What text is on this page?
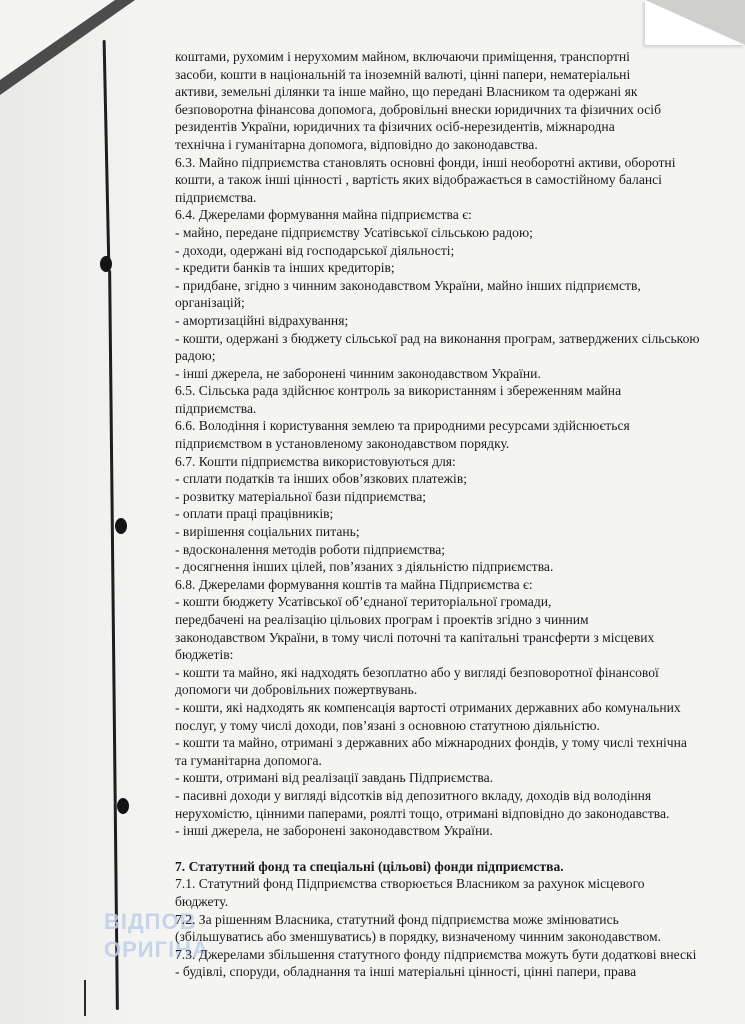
ВІДПОВ
ОРИГІНА

коштами, рухомим і нерухомим майном, включаючи приміщення, транспортні

засоби, кошти в національній та іноземній валюті, цінні папери, нематеріальні

активи, земельні ділянки та інше майно, що передані Власником та одержані як

безповоротна фінансова допомога, добровільні внески юридичних та фізичних осіб

резидентів України, юридичних та фізичних осіб-нерезидентів, міжнародна

технічна і гуманітарна допомога, відповідно до законодавства.

6.3. Майно підприємства становлять основні фонди, інші необоротні активи, оборотні

кошти, а також інші цінності , вартість яких відображається в самостійному балансі

підприємства.

6.4. Джерелами формування майна підприємства є:

- майно, передане підприємству Усатівської сільською радою;

- доходи, одержані від господарської діяльності;

- кредити банків та інших кредиторів;

- придбане, згідно з чинним законодавством України, майно інших підприємств,

організацій;

- амортизаційні відрахування;

- кошти, одержані з бюджету сільської рад на виконання програм, затверджених сільською

радою;

- інші джерела, не заборонені чинним законодавством України.

6.5. Сільська рада здійснює контроль за використанням і збереженням майна

підприємства.

6.6. Володіння і користування землею та природними ресурсами здійснюється

підприємством в установленому законодавством порядку.

6.7. Кошти підприємства використовуються для:

- сплати податків та інших обов’язкових платежів;

- розвитку матеріальної бази підприємства;

- оплати праці працівників;

- вирішення соціальних питань;

- вдосконалення методів роботи підприємства;

- досягнення інших цілей, пов’язаних з діяльністю підприємства.

6.8. Джерелами формування коштів та майна Підприємства є:

- кошти бюджету Усатівської об’єднаної територіальної громади,

передбачені на реалізацію цільових програм і проектів згідно з чинним

законодавством України, в тому числі поточні та капітальні трансферти з місцевих

бюджетів:

- кошти та майно, які надходять безоплатно або у вигляді безповоротної фінансової

допомоги чи добровільних пожертвувань.

- кошти, які надходять як компенсація вартості отриманих державних або комунальних

послуг, у тому числі доходи, пов’язані з основною статутною діяльністю.

- кошти та майно, отримані з державних або міжнародних фондів, у тому числі технічна

та гуманітарна допомога.

- кошти, отримані від реалізації завдань Підприємства.

- пасивні доходи у вигляді відсотків від депозитного вкладу, доходів від володіння

нерухомістю, цінними паперами, роялті тощо, отримані відповідно до законодавства.

- інші джерела, не заборонені законодавством України.

7. Статутний фонд та спеціальні (цільові) фонди підприємства.

7.1. Статутний фонд Підприємства створюється Власником за рахунок місцевого

бюджету.

7.2. За рішенням Власника, статутний фонд підприємства може змінюватись

(збільшуватись або зменшуватись) в порядку, визначеному чинним законодавством.

7.3. Джерелами збільшення статутного фонду підприємства можуть бути додаткові внескі

- будівлі, споруди, обладнання та інші матеріальні цінності, цінні папери, права
